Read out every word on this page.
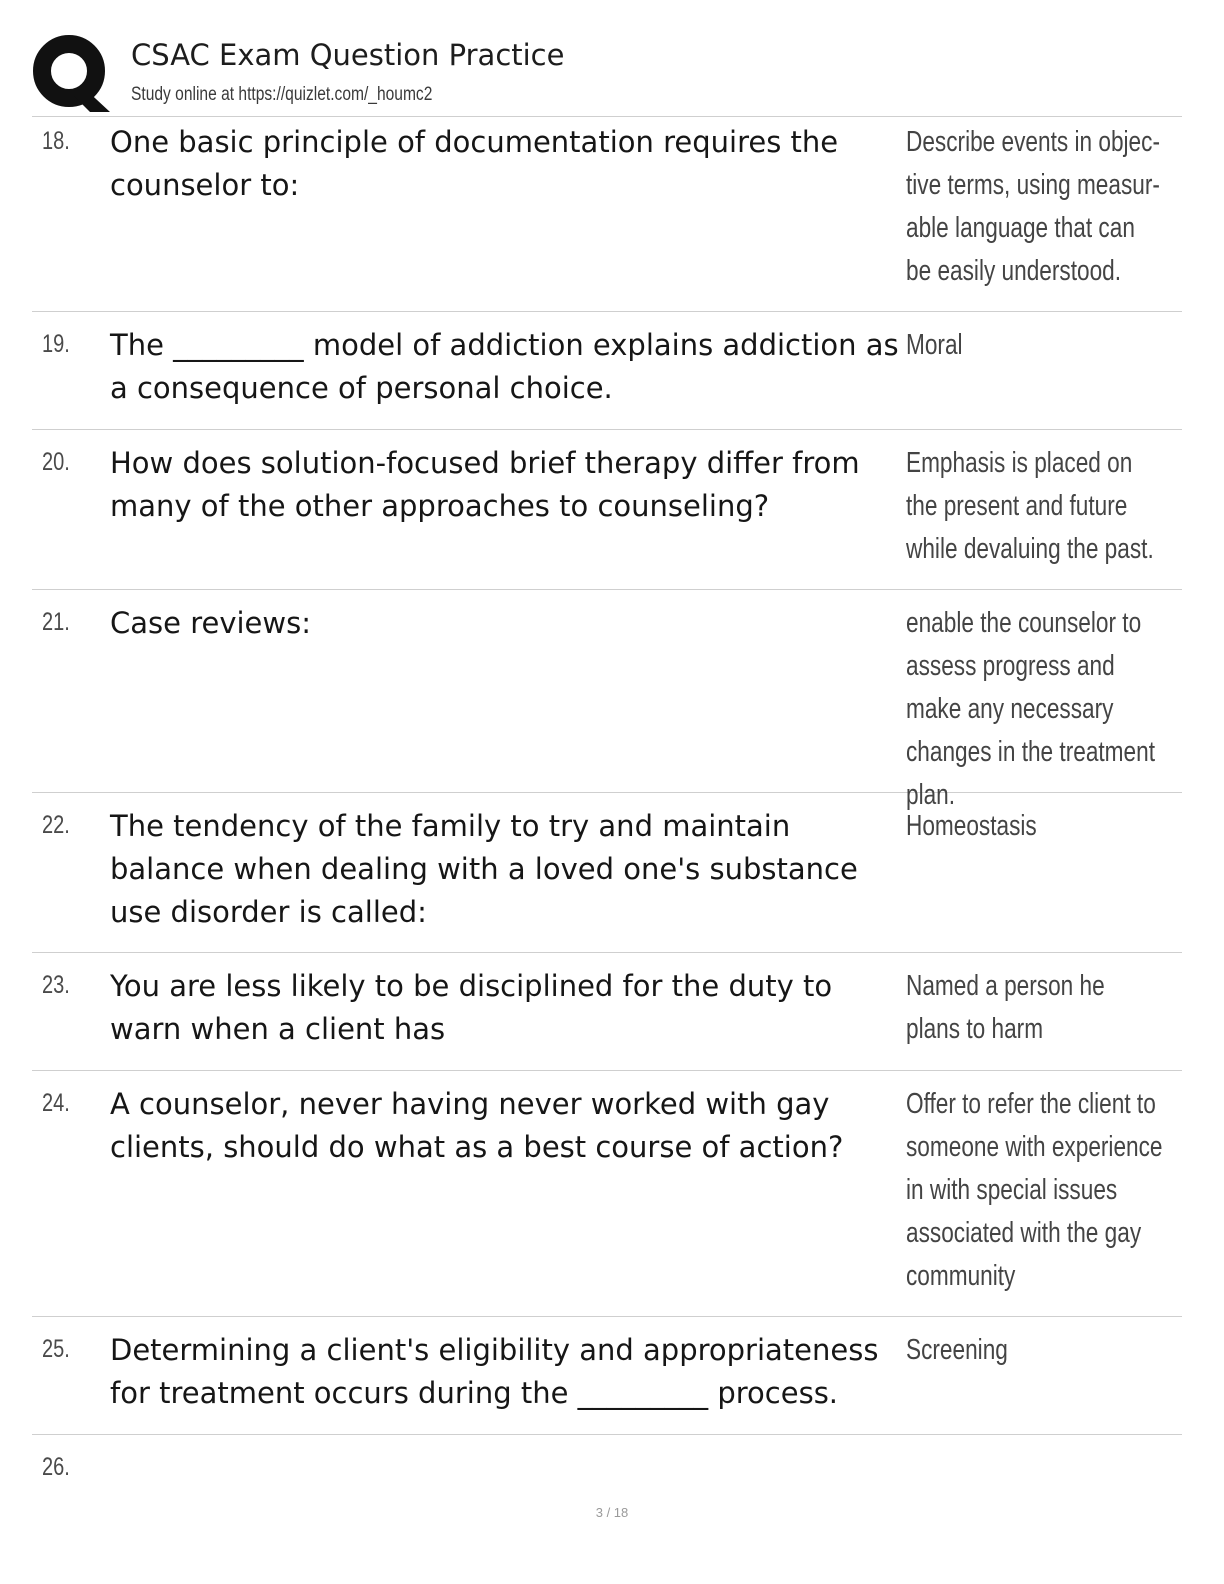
CSAC Exam Question Practice
Study online at https://quizlet.com/_houmc2
18. One basic principle of documentation requires the counselor to:
Describe events in objective terms, using measurable language that can be easily understood.
19. The _________ model of addiction explains addiction as a consequence of personal choice.
Moral
20. How does solution-focused brief therapy differ from many of the other approaches to counseling?
Emphasis is placed on the present and future while devaluing the past.
21. Case reviews:	enable the counselor to assess progress and make any necessary changes in the treatment plan.
22. The tendency of the family to try and maintain balance when dealing with a loved one's substance use disorder is called:
Homeostasis
23. You are less likely to be disciplined for the duty to warn when a client has
Named a person he plans to harm
24. A counselor, never having never worked with gay clients, should do what as a best course of action?
Offer to refer the client to someone with experience in with special issues associated with the gay community
25. Determining a client's eligibility and appropriateness for treatment occurs during the _________ process.
Screening
26.
3 / 18
